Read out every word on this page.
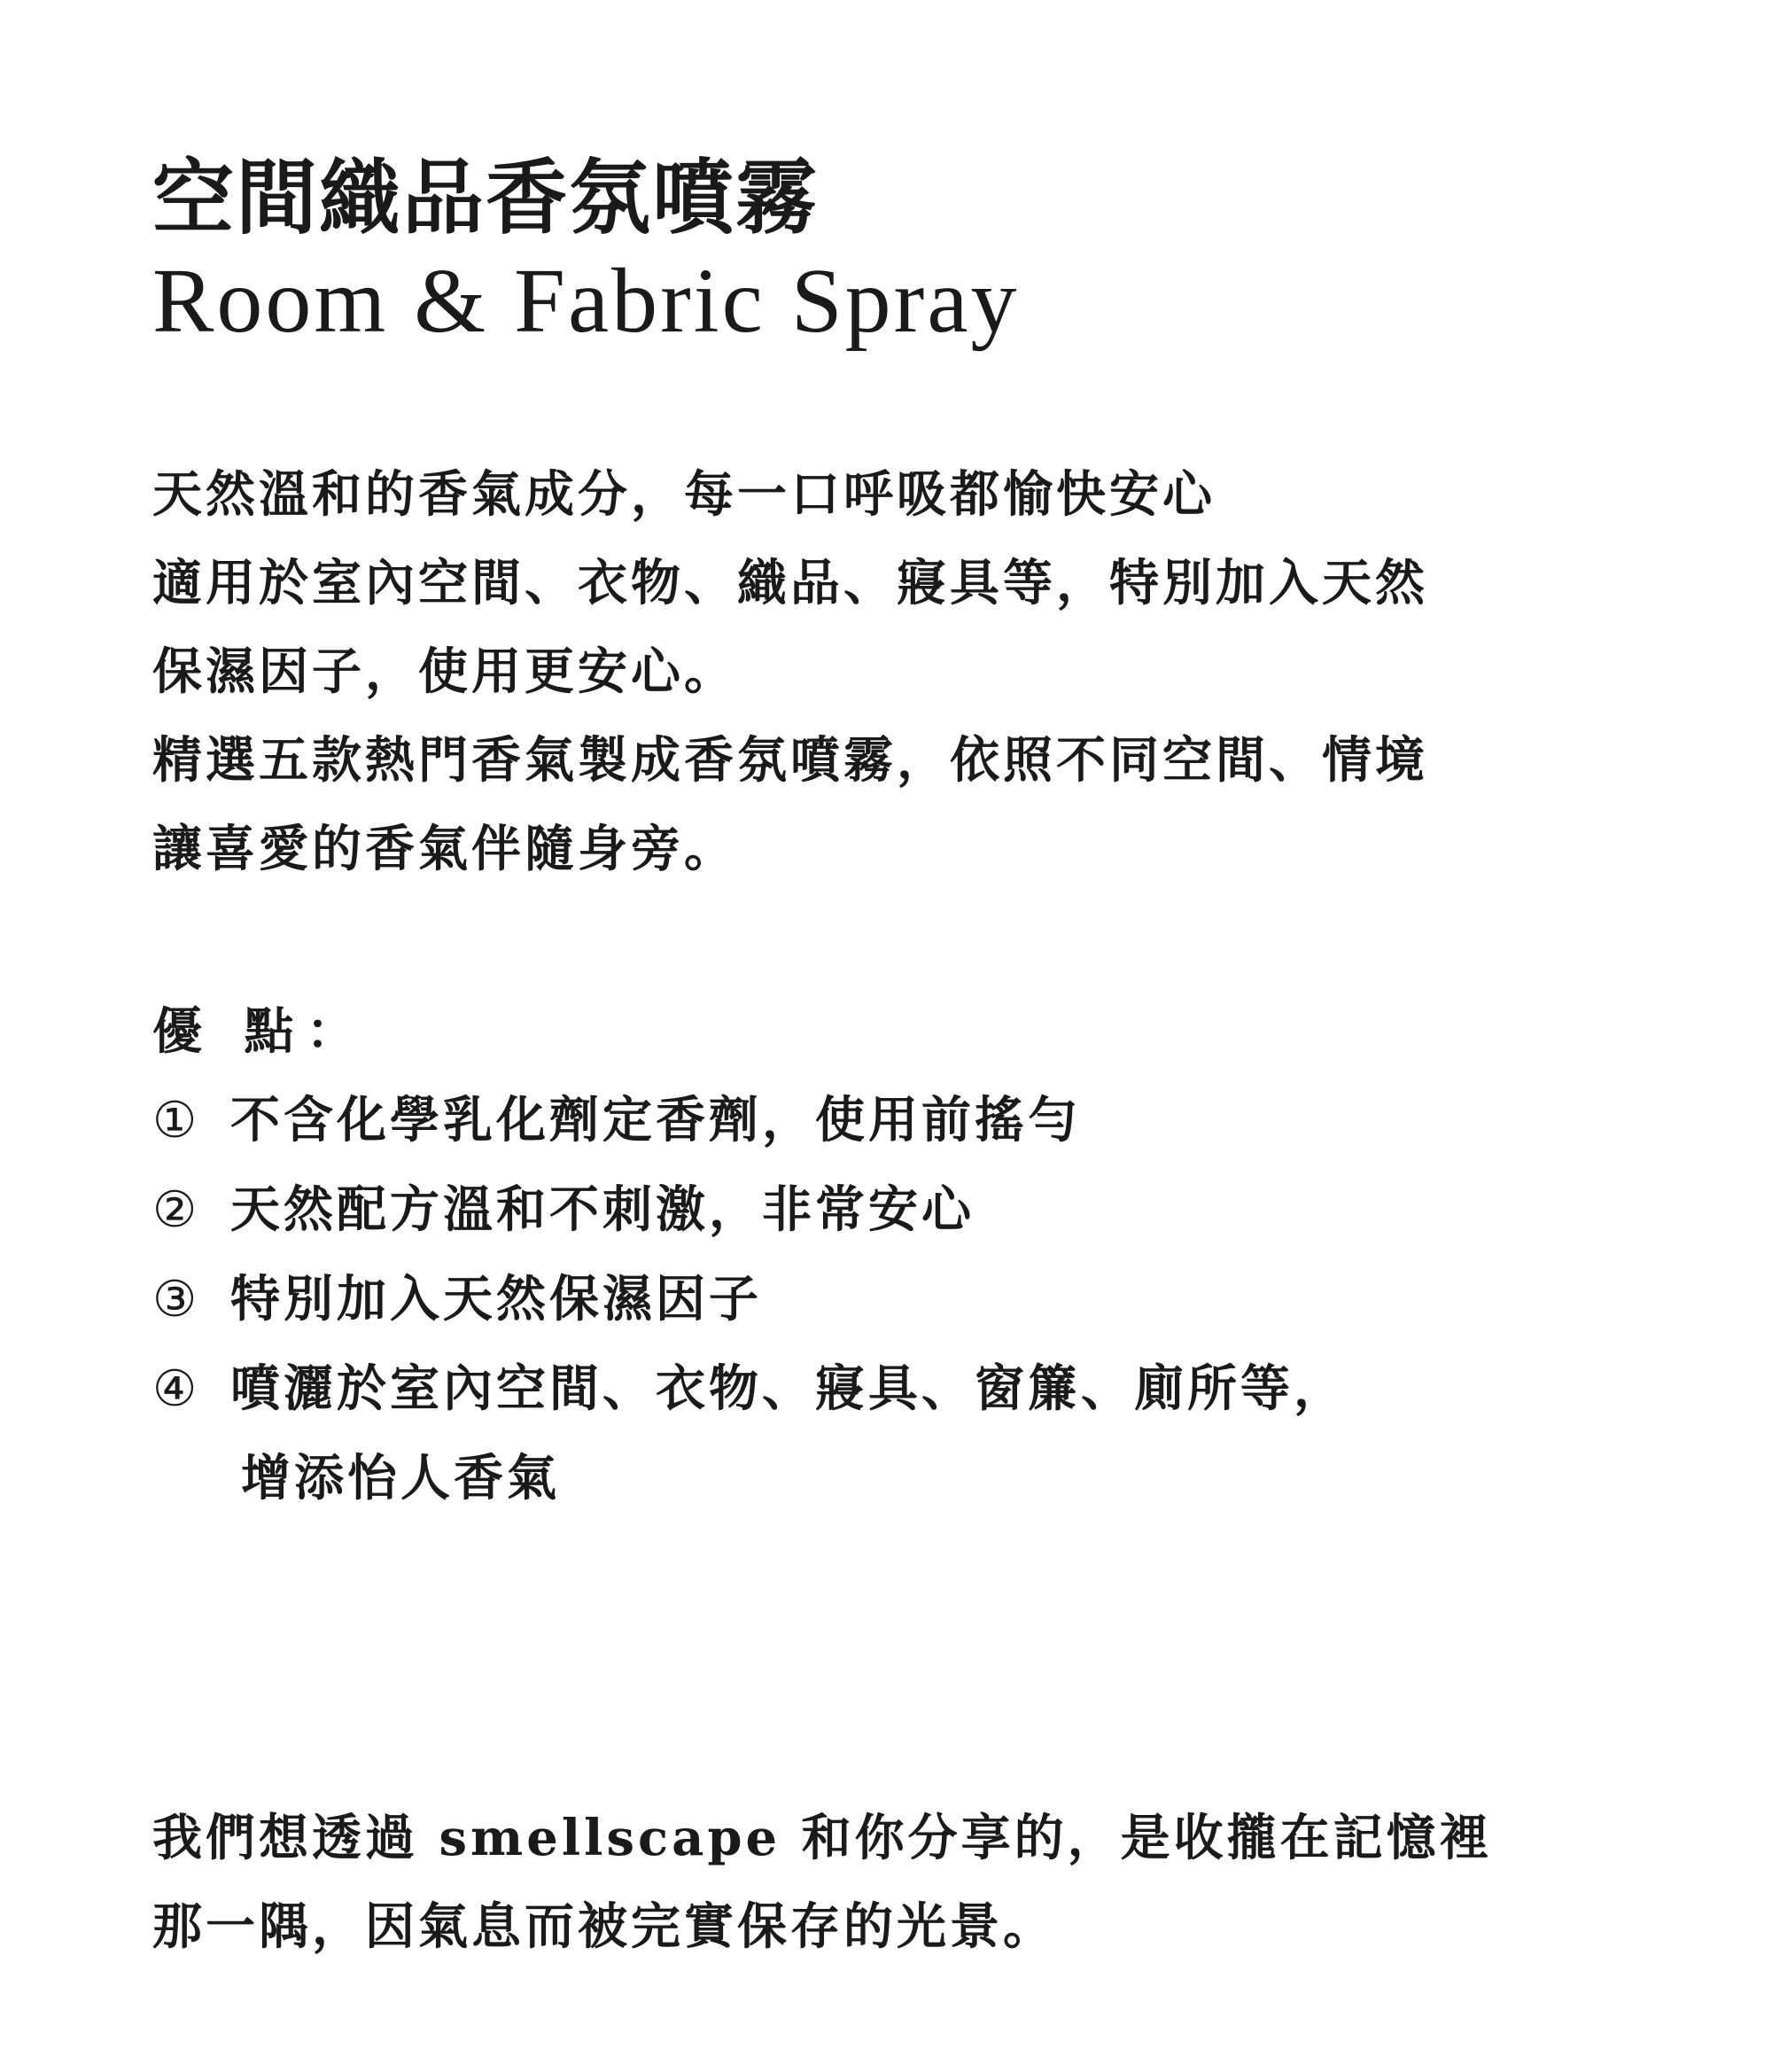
空間織品香氛噴霧
Room & Fabric Spray
天然溫和的香氣成分，每一口呼吸都愉快安心
適用於室內空間、衣物、織品、寢具等，特別加入天然
保濕因子，使用更安心。
精選五款熱門香氣製成香氛噴霧，依照不同空間、情境
讓喜愛的香氣伴隨身旁。
優 點：
① 不含化學乳化劑定香劑，使用前搖勻
② 天然配方溫和不刺激，非常安心
③ 特別加入天然保濕因子
④ 噴灑於室內空間、衣物、寢具、窗簾、廁所等，
增添怡人香氣
我們想透過 smellscape 和你分享的，是收攏在記憶裡
那一隅，因氣息而被完實保存的光景。
